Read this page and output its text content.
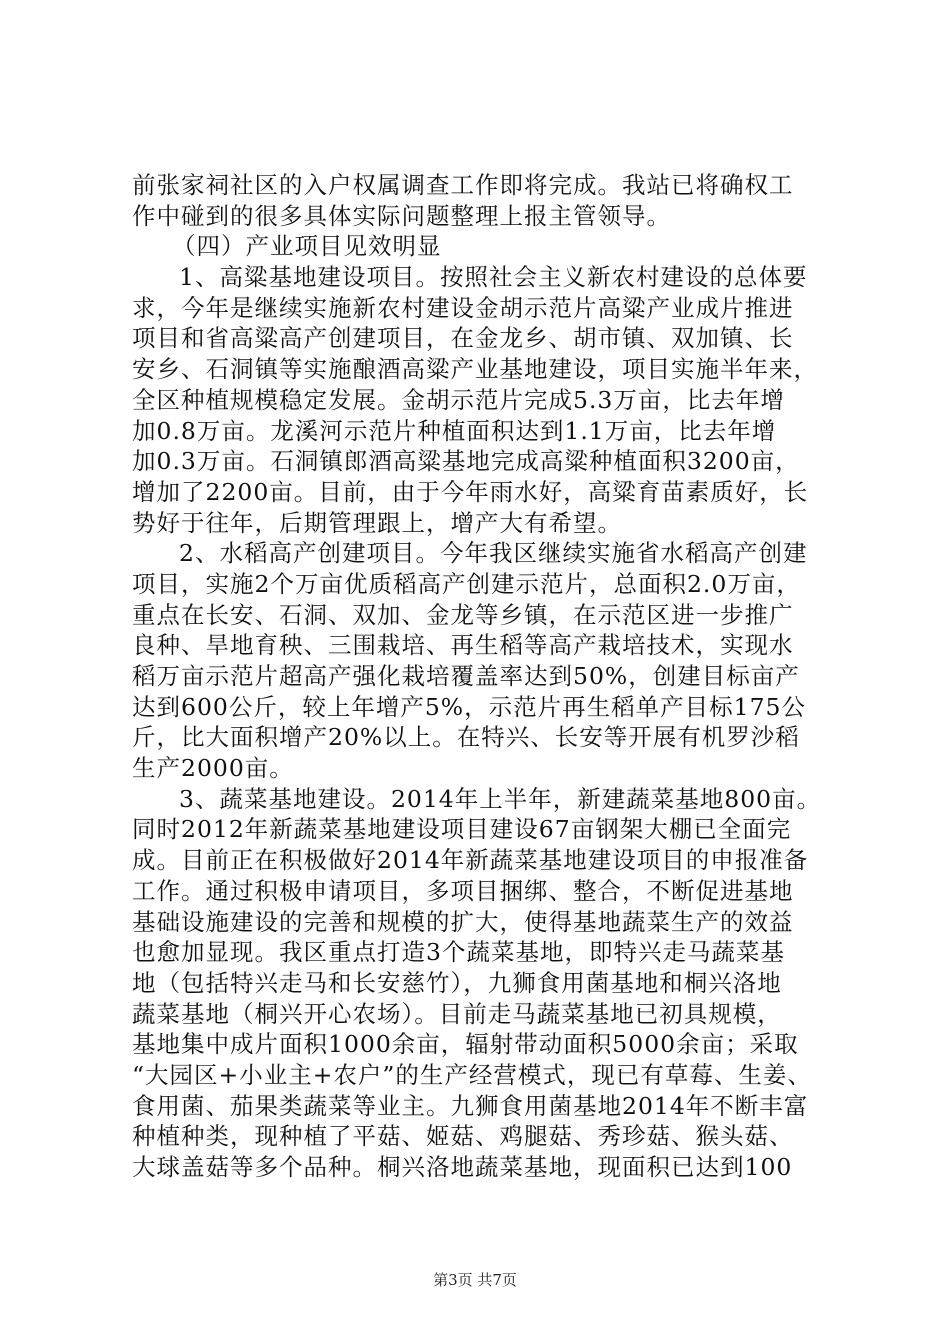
前张家祠社区的入户权属调查工作即将完成。我站已将确权工
作中碰到的很多具体实际问题整理上报主管领导。
（四）产业项目见效明显
1、高粱基地建设项目。按照社会主义新农村建设的总体要
求，今年是继续实施新农村建设金胡示范片高粱产业成片推进
项目和省高粱高产创建项目，在金龙乡、胡市镇、双加镇、长
安乡、石洞镇等实施酿酒高粱产业基地建设，项目实施半年来，
全区种植规模稳定发展。金胡示范片完成5.3万亩，比去年增
加0.8万亩。龙溪河示范片种植面积达到1.1万亩，比去年增
加0.3万亩。石洞镇郎酒高粱基地完成高粱种植面积3200亩，
增加了2200亩。目前，由于今年雨水好，高粱育苗素质好，长
势好于往年，后期管理跟上，增产大有希望。
2、水稻高产创建项目。今年我区继续实施省水稻高产创建
项目，实施2个万亩优质稻高产创建示范片，总面积2.0万亩，
重点在长安、石洞、双加、金龙等乡镇，在示范区进一步推广
良种、旱地育秧、三围栽培、再生稻等高产栽培技术，实现水
稻万亩示范片超高产强化栽培覆盖率达到50%，创建目标亩产
达到600公斤，较上年增产5%，示范片再生稻单产目标175公
斤，比大面积增产20%以上。在特兴、长安等开展有机罗沙稻
生产2000亩。
3、蔬菜基地建设。2014年上半年，新建蔬菜基地800亩。
同时2012年新蔬菜基地建设项目建设67亩钢架大棚已全面完
成。目前正在积极做好2014年新蔬菜基地建设项目的申报准备
工作。通过积极申请项目，多项目捆绑、整合，不断促进基地
基础设施建设的完善和规模的扩大，使得基地蔬菜生产的效益
也愈加显现。我区重点打造3个蔬菜基地，即特兴走马蔬菜基
地（包括特兴走马和长安慈竹），九狮食用菌基地和桐兴洛地
蔬菜基地（桐兴开心农场）。目前走马蔬菜基地已初具规模，
基地集中成片面积1000余亩，辐射带动面积5000余亩；采取
“大园区+小业主+农户”的生产经营模式，现已有草莓、生姜、
食用菌、茄果类蔬菜等业主。九狮食用菌基地2014年不断丰富
种植种类，现种植了平菇、姬菇、鸡腿菇、秀珍菇、猴头菇、
大球盖菇等多个品种。桐兴洛地蔬菜基地，现面积已达到100
第3页 共7页
